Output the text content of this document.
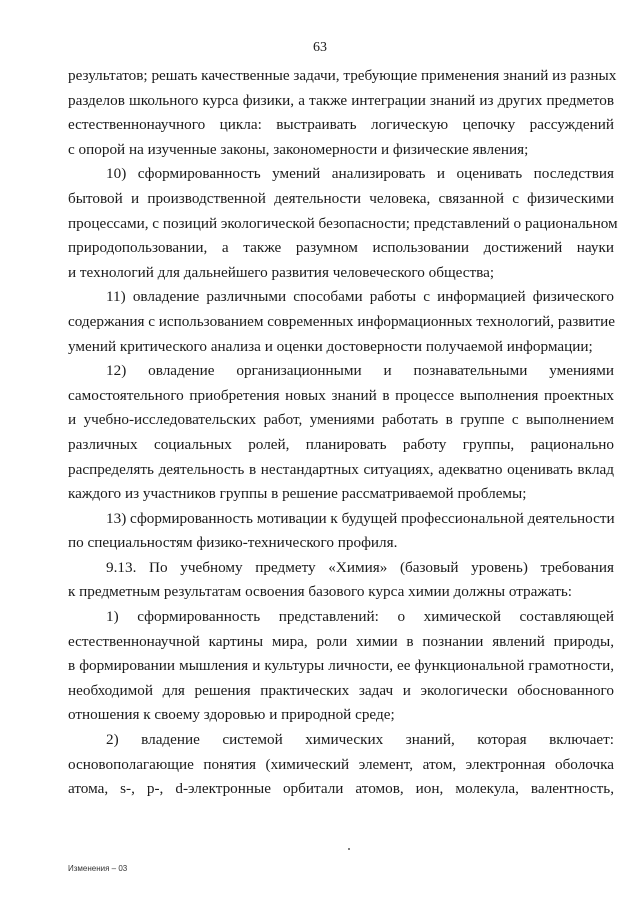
63
результатов; решать качественные задачи, требующие применения знаний из разных
разделов школьного курса физики, а также интеграции знаний из других предметов
естественнонаучного цикла: выстраивать логическую цепочку рассуждений
с опорой на изученные законы, закономерности и физические явления;
10) сформированность умений анализировать и оценивать последствия
бытовой и производственной деятельности человека, связанной с физическими
процессами, с позиций экологической безопасности; представлений о рациональном
природопользовании, а также разумном использовании достижений науки
и технологий для дальнейшего развития человеческого общества;
11) овладение различными способами работы с информацией физического
содержания с использованием современных информационных технологий, развитие
умений критического анализа и оценки достоверности получаемой информации;
12) овладение организационными и познавательными умениями
самостоятельного приобретения новых знаний в процессе выполнения проектных
и учебно-исследовательских работ, умениями работать в группе с выполнением
различных социальных ролей, планировать работу группы, рационально
распределять деятельность в нестандартных ситуациях, адекватно оценивать вклад
каждого из участников группы в решение рассматриваемой проблемы;
13) сформированность мотивации к будущей профессиональной деятельности
по специальностям физико-технического профиля.
9.13. По учебному предмету «Химия» (базовый уровень) требования
к предметным результатам освоения базового курса химии должны отражать:
1) сформированность представлений: о химической составляющей
естественнонаучной картины мира, роли химии в познании явлений природы,
в формировании мышления и культуры личности, ее функциональной грамотности,
необходимой для решения практических задач и экологически обоснованного
отношения к своему здоровью и природной среде;
2) владение системой химических знаний, которая включает:
основополагающие понятия (химический элемент, атом, электронная оболочка
атома, s-, p-, d-электронные орбитали атомов, ион, молекула, валентность,
Изменения – 03
